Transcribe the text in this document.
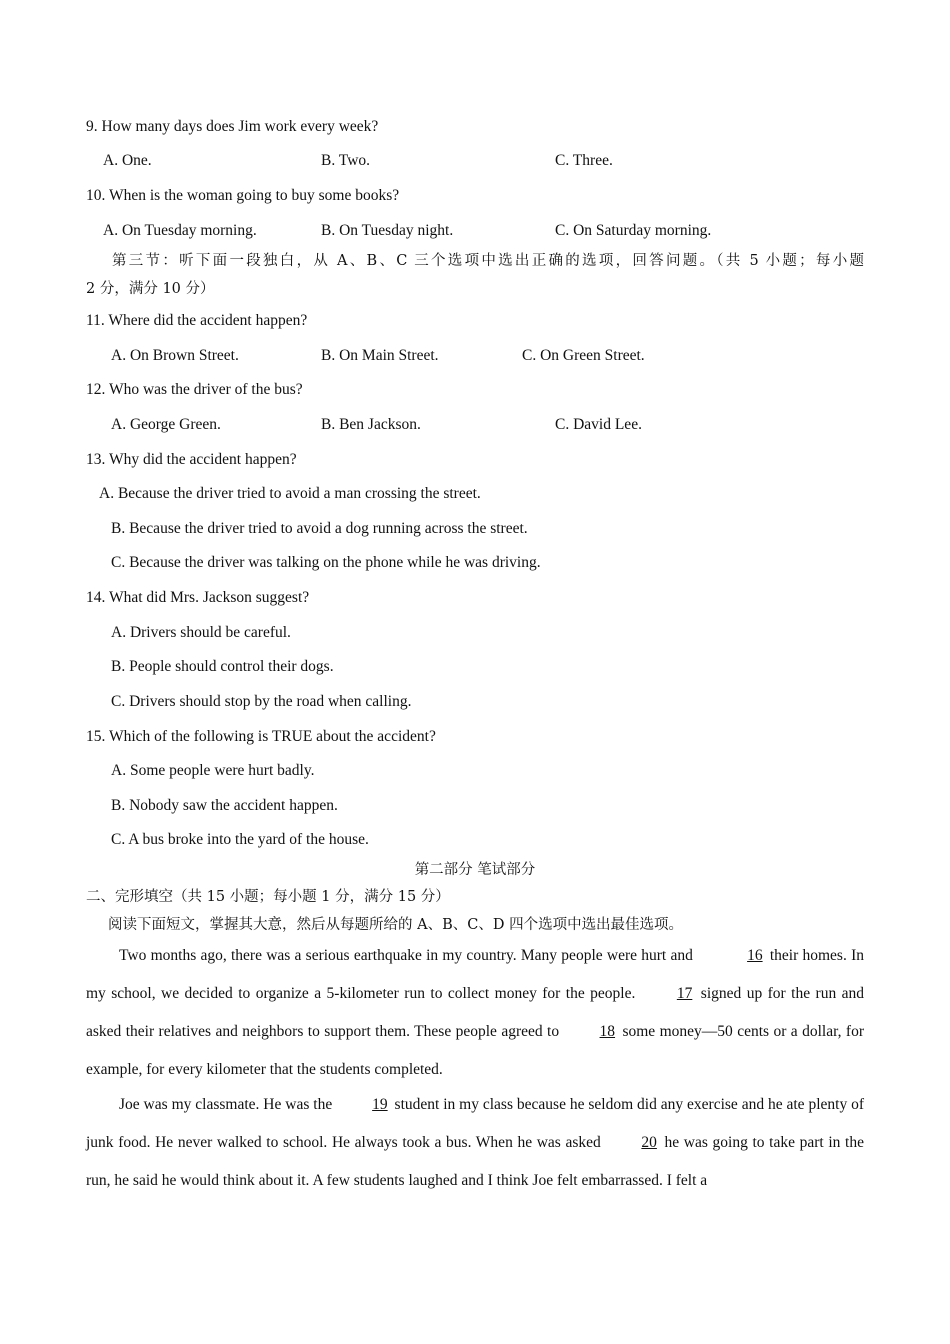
9. How many days does Jim work every week?
A. One.	B. Two.	C. Three.
10. When is the woman going to buy some books?
A. On Tuesday morning.	B. On Tuesday night.	C. On Saturday morning.
第三节：听下面一段独白，从 A、B、C 三个选项中选出正确的选项，回答问题。（共 5 小题；每小题
2 分，满分 10 分）
11. Where did the accident happen?
A. On Brown Street.	B. On Main Street.	C. On Green Street.
12. Who was the driver of the bus?
A. George Green.	B. Ben Jackson.	C. David Lee.
13. Why did the accident happen?
A. Because the driver tried to avoid a man crossing the street.
B. Because the driver tried to avoid a dog running across the street.
C. Because the driver was talking on the phone while he was driving.
14. What did Mrs. Jackson suggest?
A. Drivers should be careful.
B. People should control their dogs.
C. Drivers should stop by the road when calling.
15. Which of the following is TRUE about the accident?
A. Some people were hurt badly.
B. Nobody saw the accident happen.
C. A bus broke into the yard of the house.
第二部分 笔试部分
二、完形填空（共 15 小题；每小题 1 分，满分 15 分）
阅读下面短文，掌握其大意，然后从每题所给的 A、B、C、D 四个选项中选出最佳选项。
Two months ago, there was a serious earthquake in my country. Many people were hurt and	16 their homes. In my school, we decided to organize a 5-kilometer run to collect money for the people.	17 signed up for the run and asked their relatives and neighbors to support them. These people agreed to	18 some money—50 cents or a dollar, for example, for every kilometer that the students completed.
Joe was my classmate. He was the	19 student in my class because he seldom did any exercise and he ate plenty of junk food. He never walked to school. He always took a bus. When he was asked	20 he was going to take part in the run, he said he would think about it. A few students laughed and I think Joe felt embarrassed. I felt a
